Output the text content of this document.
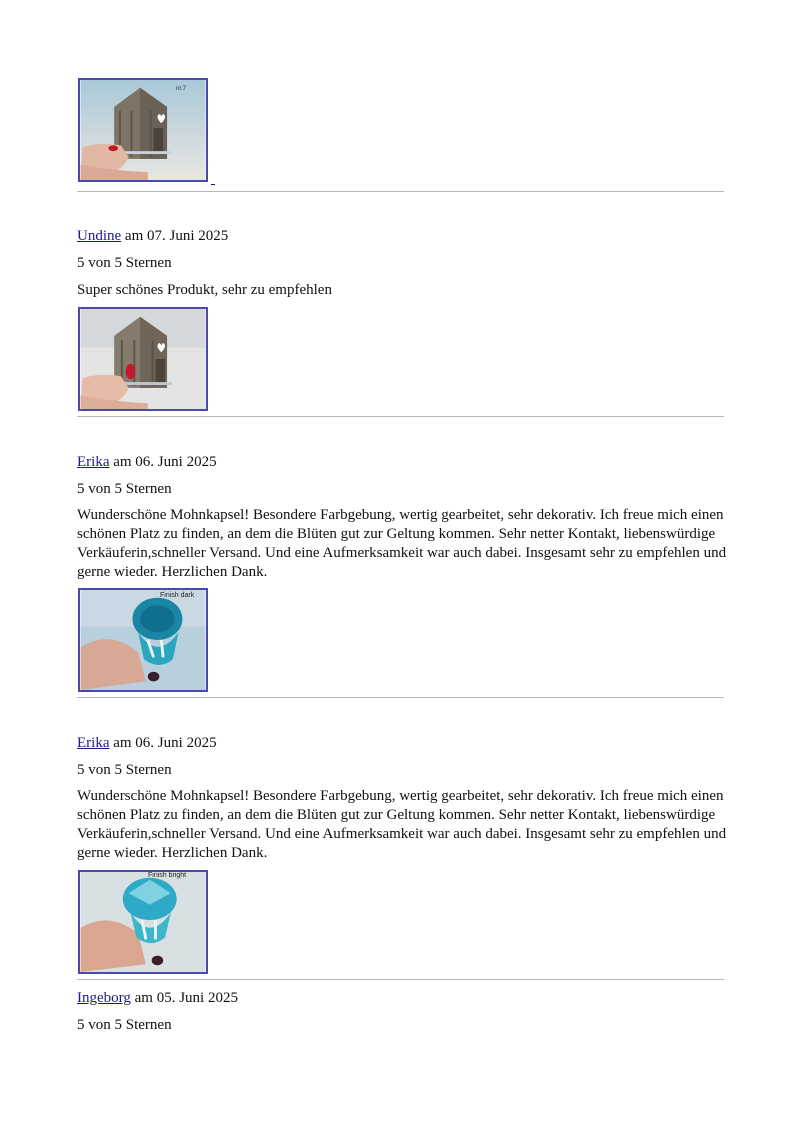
nr.7
Undine am 07. Juni 2025
5 von 5 Sternen
Super schönes Produkt, sehr zu empfehlen
Erika am 06. Juni 2025
5 von 5 Sternen
Wunderschöne Mohnkapsel! Besondere Farbgebung, wertig gearbeitet, sehr dekorativ. Ich freue mich einen schönen Platz zu finden, an dem die Blüten gut zur Geltung kommen. Sehr netter Kontakt, liebenswürdige Verkäuferin,schneller Versand. Und eine Aufmerksamkeit war auch dabei. Insgesamt sehr zu empfehlen und gerne wieder. Herzlichen Dank.
Finish dark
Erika am 06. Juni 2025
5 von 5 Sternen
Wunderschöne Mohnkapsel! Besondere Farbgebung, wertig gearbeitet, sehr dekorativ. Ich freue mich einen schönen Platz zu finden, an dem die Blüten gut zur Geltung kommen. Sehr netter Kontakt, liebenswürdige Verkäuferin,schneller Versand. Und eine Aufmerksamkeit war auch dabei. Insgesamt sehr zu empfehlen und gerne wieder. Herzlichen Dank.
Finish bright
Ingeborg am 05. Juni 2025
5 von 5 Sternen
